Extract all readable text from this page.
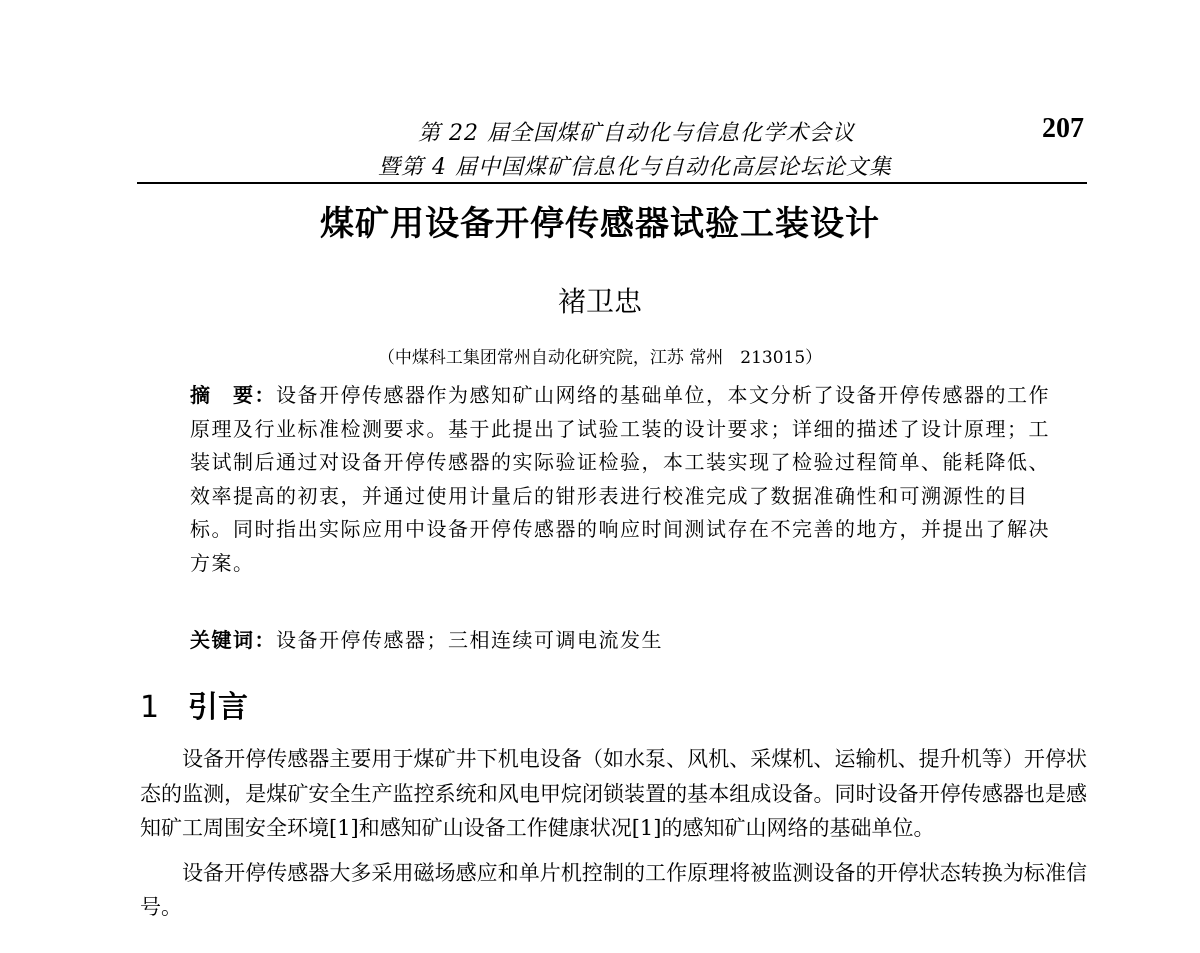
第 22 届全国煤矿自动化与信息化学术会议
暨第 4 届中国煤矿信息化与自动化高层论坛论文集
207
煤矿用设备开停传感器试验工装设计
褚卫忠
（中煤科工集团常州自动化研究院，江苏 常州　213015）
摘　要：设备开停传感器作为感知矿山网络的基础单位，本文分析了设备开停传感器的工作原理及行业标准检测要求。基于此提出了试验工装的设计要求；详细的描述了设计原理；工装试制后通过对设备开停传感器的实际验证检验，本工装实现了检验过程简单、能耗降低、效率提高的初衷，并通过使用计量后的钳形表进行校准完成了数据准确性和可溯源性的目标。同时指出实际应用中设备开停传感器的响应时间测试存在不完善的地方，并提出了解决方案。
关键词：设备开停传感器；三相连续可调电流发生
1 引言

设备开停传感器主要用于煤矿井下机电设备（如水泵、风机、采煤机、运输机、提升机等）开停状态的监测，是煤矿安全生产监控系统和风电甲烷闭锁装置的基本组成设备。同时设备开停传感器也是感知矿工周围安全环境[1]和感知矿山设备工作健康状况[1]的感知矿山网络的基础单位。

设备开停传感器大多采用磁场感应和单片机控制的工作原理将被监测设备的开停状态转换为标准信号。
